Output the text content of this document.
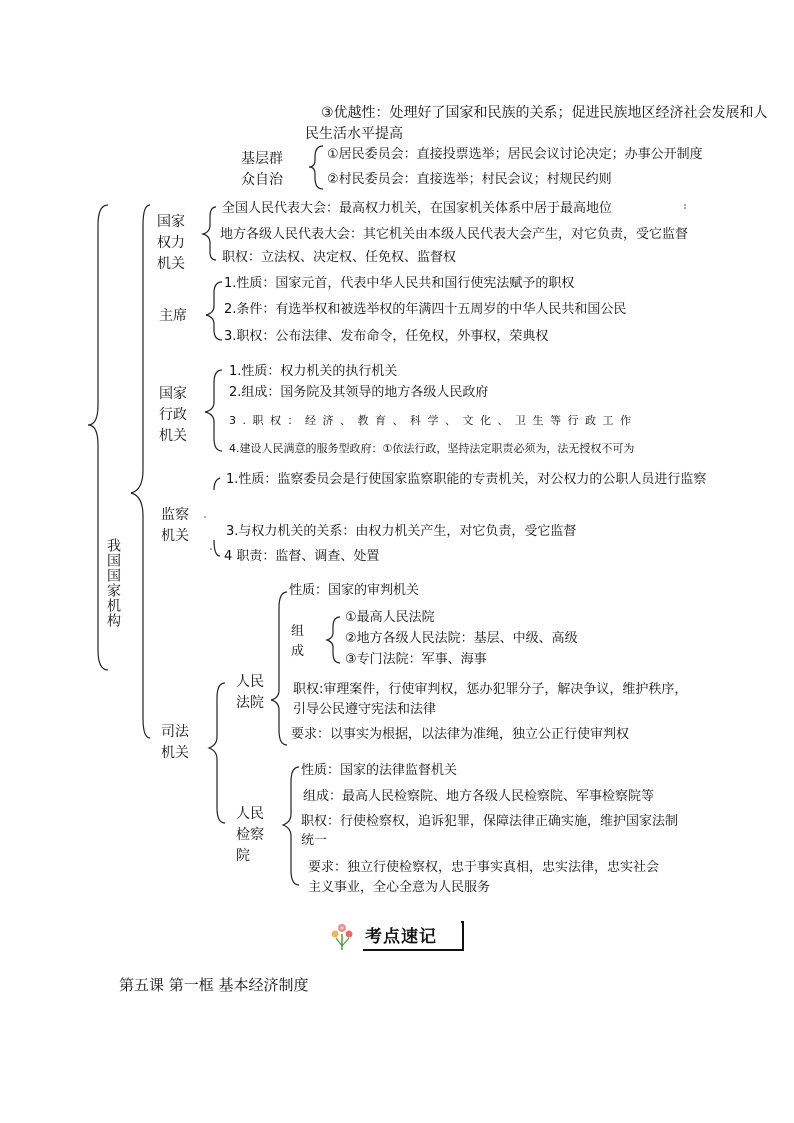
③优越性：处理好了国家和民族的关系；促进民族地区经济社会发展和人
民生活水平提高
基层群众自治
①居民委员会：直接投票选举；居民会议讨论决定；办事公开制度
②村民委员会：直接选举；村民会议；村规民约则
我国国家机构
国家权力机关
全国人民代表大会：最高权力机关，在国家机关体系中居于最高地位
地方各级人民代表大会：其它机关由本级人民代表大会产生，对它负责，受它监督
职权：立法权、决定权、任免权、监督权
主席
1.性质：国家元首，代表中华人民共和国行使宪法赋予的职权
2.条件：有选举权和被选举权的年满四十五周岁的中华人民共和国公民
3.职权：公布法律、发布命令，任免权，外事权，荣典权
国家行政机关
1.性质：权力机关的执行机关
2.组成：国务院及其领导的地方各级人民政府
3.职权：经济、教育、科学、文化、卫生等行政工作
4.建设人民满意的服务型政府：①依法行政，坚持法定职责必须为，法无授权不可为
监察机关
1.性质：监察委员会是行使国家监察职能的专责机关，对公权力的公职人员进行监察
3.与权力机关的关系：由权力机关产生，对它负责，受它监督
4 职责：监督、调查、处置
司法机关
人民法院
性质：国家的审判机关
组成
①最高人民法院
②地方各级人民法院：基层、中级、高级
③专门法院：军事、海事
职权:审理案件，行使审判权，惩办犯罪分子，解决争议，维护秩序，
引导公民遵守宪法和法律
要求：以事实为根据，以法律为准绳，独立公正行使审判权
人民检察院
性质：国家的法律监督机关
组成：最高人民检察院、地方各级人民检察院、军事检察院等
职权：行使检察权，追诉犯罪，保障法律正确实施，维护国家法制
统一
要求：独立行使检察权，忠于事实真相，忠实法律，忠实社会
主义事业，全心全意为人民服务
考点速记
第五课 第一框 基本经济制度
